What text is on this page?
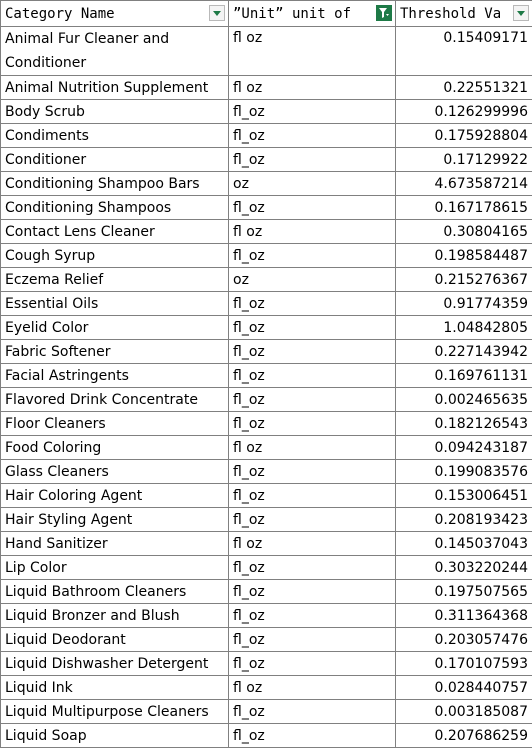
Category Name	”Unit” unit of	Threshold Va

Animal Fur Cleaner and Conditioner	fl oz	0.15409171
Animal Nutrition Supplement	fl oz	0.22551321
Body Scrub	fl_oz	0.126299996
Condiments	fl_oz	0.175928804
Conditioner	fl_oz	0.17129922
Conditioning Shampoo Bars	oz	4.673587214
Conditioning Shampoos	fl_oz	0.167178615
Contact Lens Cleaner	fl oz	0.30804165
Cough Syrup	fl_oz	0.198584487
Eczema Relief	oz	0.215276367
Essential Oils	fl_oz	0.91774359
Eyelid Color	fl_oz	1.04842805
Fabric Softener	fl_oz	0.227143942
Facial Astringents	fl_oz	0.169761131
Flavored Drink Concentrate	fl_oz	0.002465635
Floor Cleaners	fl_oz	0.182126543
Food Coloring	fl oz	0.094243187
Glass Cleaners	fl_oz	0.199083576
Hair Coloring Agent	fl_oz	0.153006451
Hair Styling Agent	fl_oz	0.208193423
Hand Sanitizer	fl oz	0.145037043
Lip Color	fl_oz	0.303220244
Liquid Bathroom Cleaners	fl_oz	0.197507565
Liquid Bronzer and Blush	fl_oz	0.311364368
Liquid Deodorant	fl_oz	0.203057476
Liquid Dishwasher Detergent	fl_oz	0.170107593
Liquid Ink	fl oz	0.028440757
Liquid Multipurpose Cleaners	fl_oz	0.003185087
Liquid Soap	fl_oz	0.207686259
